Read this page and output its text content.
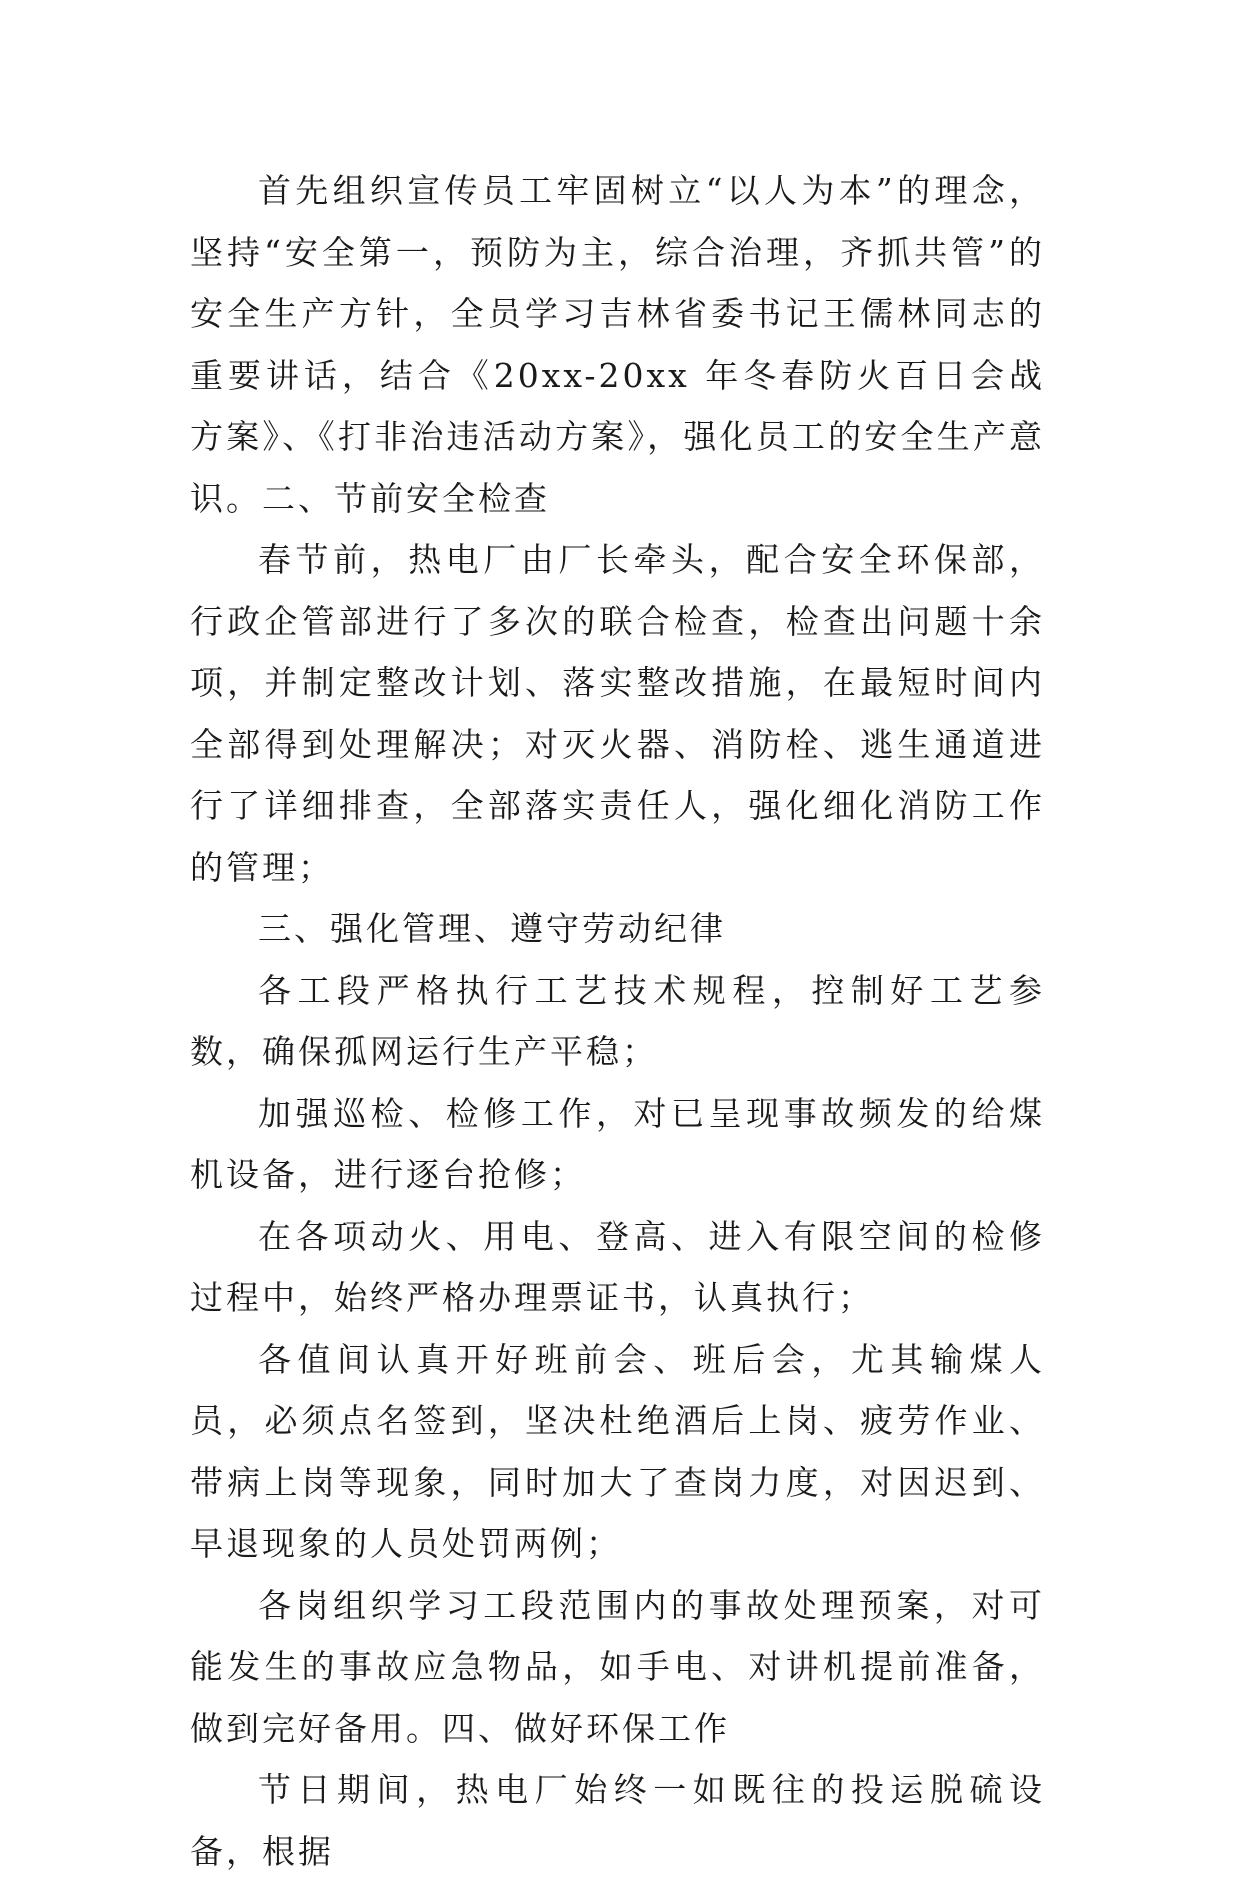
首先组织宣传员工牢固树立“以人为本”的理念，坚持“安全第一，预防为主，综合治理，齐抓共管”的安全生产方针，全员学习吉林省委书记王儒林同志的重要讲话，结合《20xx-20xx 年冬春防火百日会战方案》、《打非治违活动方案》，强化员工的安全生产意识。二、节前安全检查

春节前，热电厂由厂长牵头，配合安全环保部，行政企管部进行了多次的联合检查，检查出问题十余项，并制定整改计划、落实整改措施，在最短时间内全部得到处理解决；对灭火器、消防栓、逃生通道进行了详细排查，全部落实责任人，强化细化消防工作的管理；

三、强化管理、遵守劳动纪律

各工段严格执行工艺技术规程，控制好工艺参数，确保孤网运行生产平稳；

加强巡检、检修工作，对已呈现事故频发的给煤机设备，进行逐台抢修；

在各项动火、用电、登高、进入有限空间的检修过程中，始终严格办理票证书，认真执行；

各值间认真开好班前会、班后会，尤其输煤人员，必须点名签到，坚决杜绝酒后上岗、疲劳作业、带病上岗等现象，同时加大了查岗力度，对因迟到、早退现象的人员处罚两例；

各岗组织学习工段范围内的事故处理预案，对可能发生的事故应急物品，如手电、对讲机提前准备，做到完好备用。四、做好环保工作

节日期间，热电厂始终一如既往的投运脱硫设备，根据
